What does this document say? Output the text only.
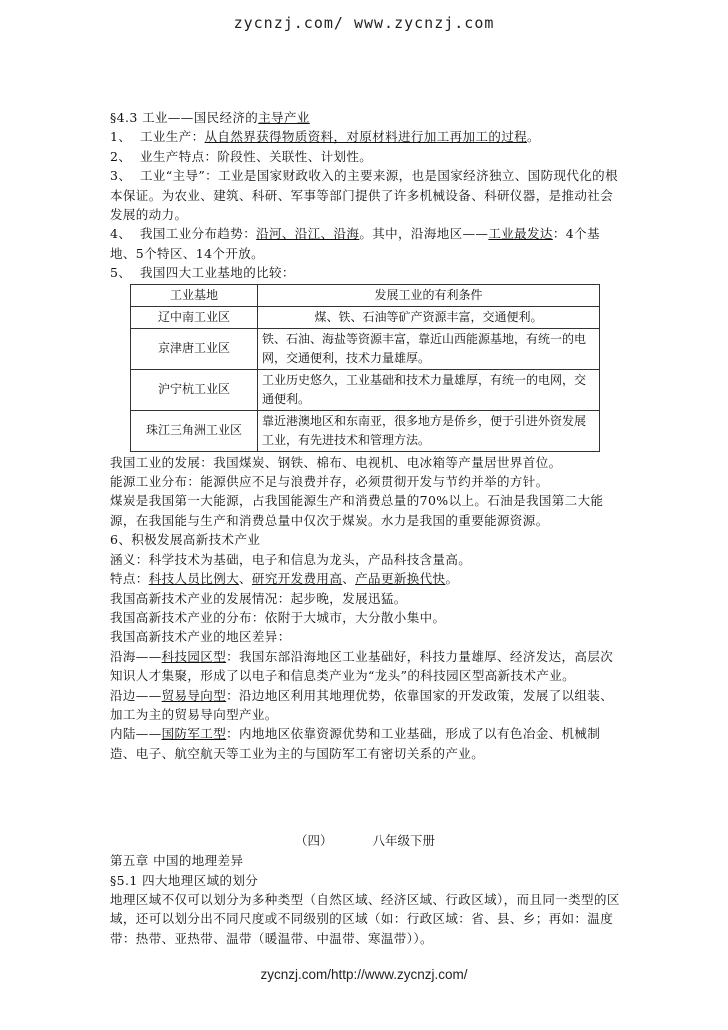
zycnzj.com/ www.zycnzj.com

§4.3 工业——国民经济的主导产业

1、 工业生产：从自然界获得物质资料，对原材料进行加工再加工的过程。

2、 业生产特点：阶段性、关联性、计划性。

3、 工业“主导”：工业是国家财政收入的主要来源，也是国家经济独立、国防现代化的根本保证。为农业、建筑、科研、军事等部门提供了许多机械设备、科研仪器，是推动社会发展的动力。

4、 我国工业分布趋势：沿河、沿江、沿海。其中，沿海地区——工业最发达：4个基地、5个特区、14个开放。

5、 我国四大工业基地的比较：

工业基地	发展工业的有利条件
辽中南工业区	煤、铁、石油等矿产资源丰富，交通便利。
京津唐工业区	铁、石油、海盐等资源丰富，靠近山西能源基地，有统一的电网，交通便利，技术力量雄厚。
沪宁杭工业区	工业历史悠久，工业基础和技术力量雄厚，有统一的电网，交通便利。
珠江三角洲工业区	靠近港澳地区和东南亚，很多地方是侨乡，便于引进外资发展工业，有先进技术和管理方法。

我国工业的发展：我国煤炭、钢铁、棉布、电视机、电冰箱等产量居世界首位。

能源工业分布：能源供应不足与浪费并存，必须贯彻开发与节约并举的方针。

煤炭是我国第一大能源，占我国能源生产和消费总量的70%以上。石油是我国第二大能源，在我国能与生产和消费总量中仅次于煤炭。水力是我国的重要能源资源。

6、积极发展高新技术产业

涵义：科学技术为基础，电子和信息为龙头，产品科技含量高。

特点：科技人员比例大、研究开发费用高、产品更新换代快。

我国高新技术产业的发展情况：起步晚，发展迅猛。

我国高新技术产业的分布：依附于大城市，大分散小集中。

我国高新技术产业的地区差异：

沿海——科技园区型：我国东部沿海地区工业基础好，科技力量雄厚、经济发达，高层次知识人才集聚，形成了以电子和信息类产业为“龙头”的科技园区型高新技术产业。

沿边——贸易导向型：沿边地区利用其地理优势，依靠国家的开发政策，发展了以组装、加工为主的贸易导向型产业。

内陆——国防军工型：内地地区依靠资源优势和工业基础，形成了以有色冶金、机械制造、电子、航空航天等工业为主的与国防军工有密切关系的产业。

（四）	八年级下册

第五章 中国的地理差异

§5.1 四大地理区域的划分

地理区域不仅可以划分为多种类型（自然区域、经济区域、行政区域），而且同一类型的区域，还可以划分出不同尺度或不同级别的区域（如：行政区域：省、县、乡；再如：温度带：热带、亚热带、温带（暖温带、中温带、寒温带））。

zycnzj.com/http://www.zycnzj.com/
